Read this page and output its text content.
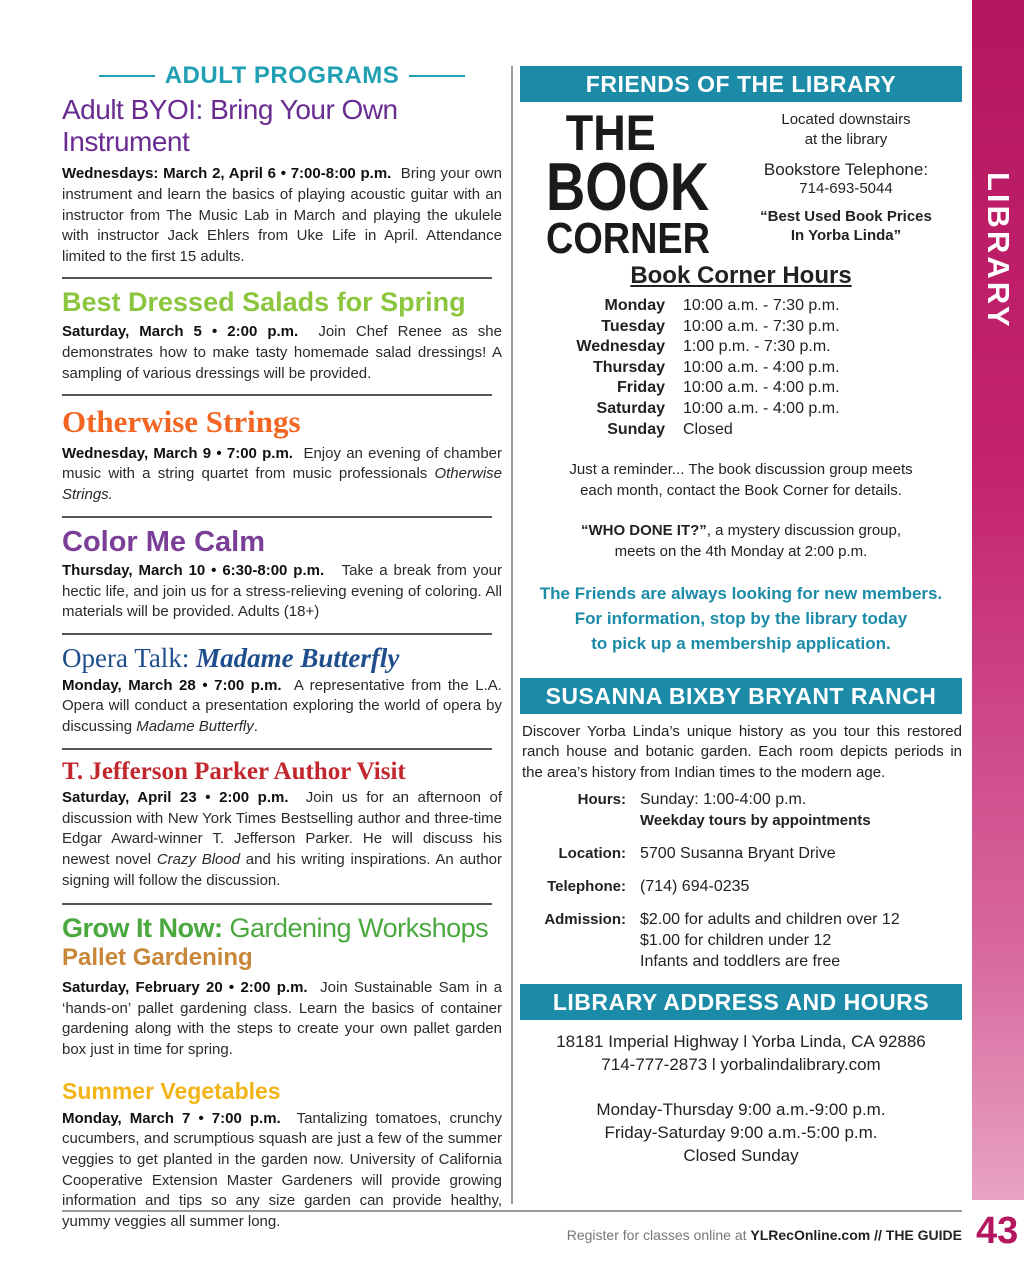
LIBRARY
43
ADULT PROGRAMS
Adult BYOI: Bring Your Own Instrument

Wednesdays: March 2, April 6 • 7:00-8:00 p.m. Bring your own instrument and learn the basics of playing acoustic guitar with an instructor from The Music Lab in March and playing the ukulele with instructor Jack Ehlers from Uke Life in April. Attendance limited to the first 15 adults.

Best Dressed Salads for Spring

Saturday, March 5 • 2:00 p.m. Join Chef Renee as she demonstrates how to make tasty homemade salad dressings! A sampling of various dressings will be provided.

Otherwise Strings

Wednesday, March 9 • 7:00 p.m. Enjoy an evening of chamber music with a string quartet from music professionals Otherwise Strings.

Color Me Calm

Thursday, March 10 • 6:30-8:00 p.m. Take a break from your hectic life, and join us for a stress-relieving evening of coloring. All materials will be provided. Adults (18+)

Opera Talk: Madame Butterfly

Monday, March 28 • 7:00 p.m. A representative from the L.A. Opera will conduct a presentation exploring the world of opera by discussing Madame Butterfly.

T. Jefferson Parker Author Visit

Saturday, April 23 • 2:00 p.m. Join us for an afternoon of discussion with New York Times Bestselling author and three-time Edgar Award-winner T. Jefferson Parker. He will discuss his newest novel Crazy Blood and his writing inspirations. An author signing will follow the discussion.

Grow It Now: Gardening Workshops
Pallet Gardening

Saturday, February 20 • 2:00 p.m. Join Sustainable Sam in a ‘hands-on’ pallet gardening class. Learn the basics of container gardening along with the steps to create your own pallet garden box just in time for spring.

Summer Vegetables

Monday, March 7 • 7:00 p.m. Tantalizing tomatoes, crunchy cucumbers, and scrumptious squash are just a few of the summer veggies to get planted in the garden now. University of California Cooperative Extension Master Gardeners will provide growing information and tips so any size garden can provide healthy, yummy veggies all summer long.

FRIENDS OF THE LIBRARY
THE
BOOK
CORNER
Located downstairs
at the library
Bookstore Telephone:
714-693-5044
“Best Used Book Prices
In Yorba Linda”
Book Corner Hours
Monday	10:00 a.m. - 7:30 p.m.
Tuesday	10:00 a.m. - 7:30 p.m.
Wednesday	1:00 p.m. - 7:30 p.m.
Thursday	10:00 a.m. - 4:00 p.m.
Friday	10:00 a.m. - 4:00 p.m.
Saturday	10:00 a.m. - 4:00 p.m.
Sunday	Closed
Just a reminder... The book discussion group meets
each month, contact the Book Corner for details.
“WHO DONE IT?”, a mystery discussion group,
meets on the 4th Monday at 2:00 p.m.
The Friends are always looking for new members.
For information, stop by the library today
to pick up a membership application.
SUSANNA BIXBY BRYANT RANCH

Discover Yorba Linda’s unique history as you tour this restored ranch house and botanic garden. Each room depicts periods in the area’s history from Indian times to the modern age.

Hours: Sunday: 1:00-4:00 p.m.
Weekday tours by appointments
Location: 5700 Susanna Bryant Drive
Telephone: (714) 694-0235
Admission: $2.00 for adults and children over 12
$1.00 for children under 12
Infants and toddlers are free
LIBRARY ADDRESS AND HOURS
18181 Imperial Highway l Yorba Linda, CA 92886
714-777-2873 l yorbalindalibrary.com
Monday-Thursday 9:00 a.m.-9:00 p.m.
Friday-Saturday 9:00 a.m.-5:00 p.m.
Closed Sunday
Register for classes online at YLRecOnline.com // THE GUIDE
